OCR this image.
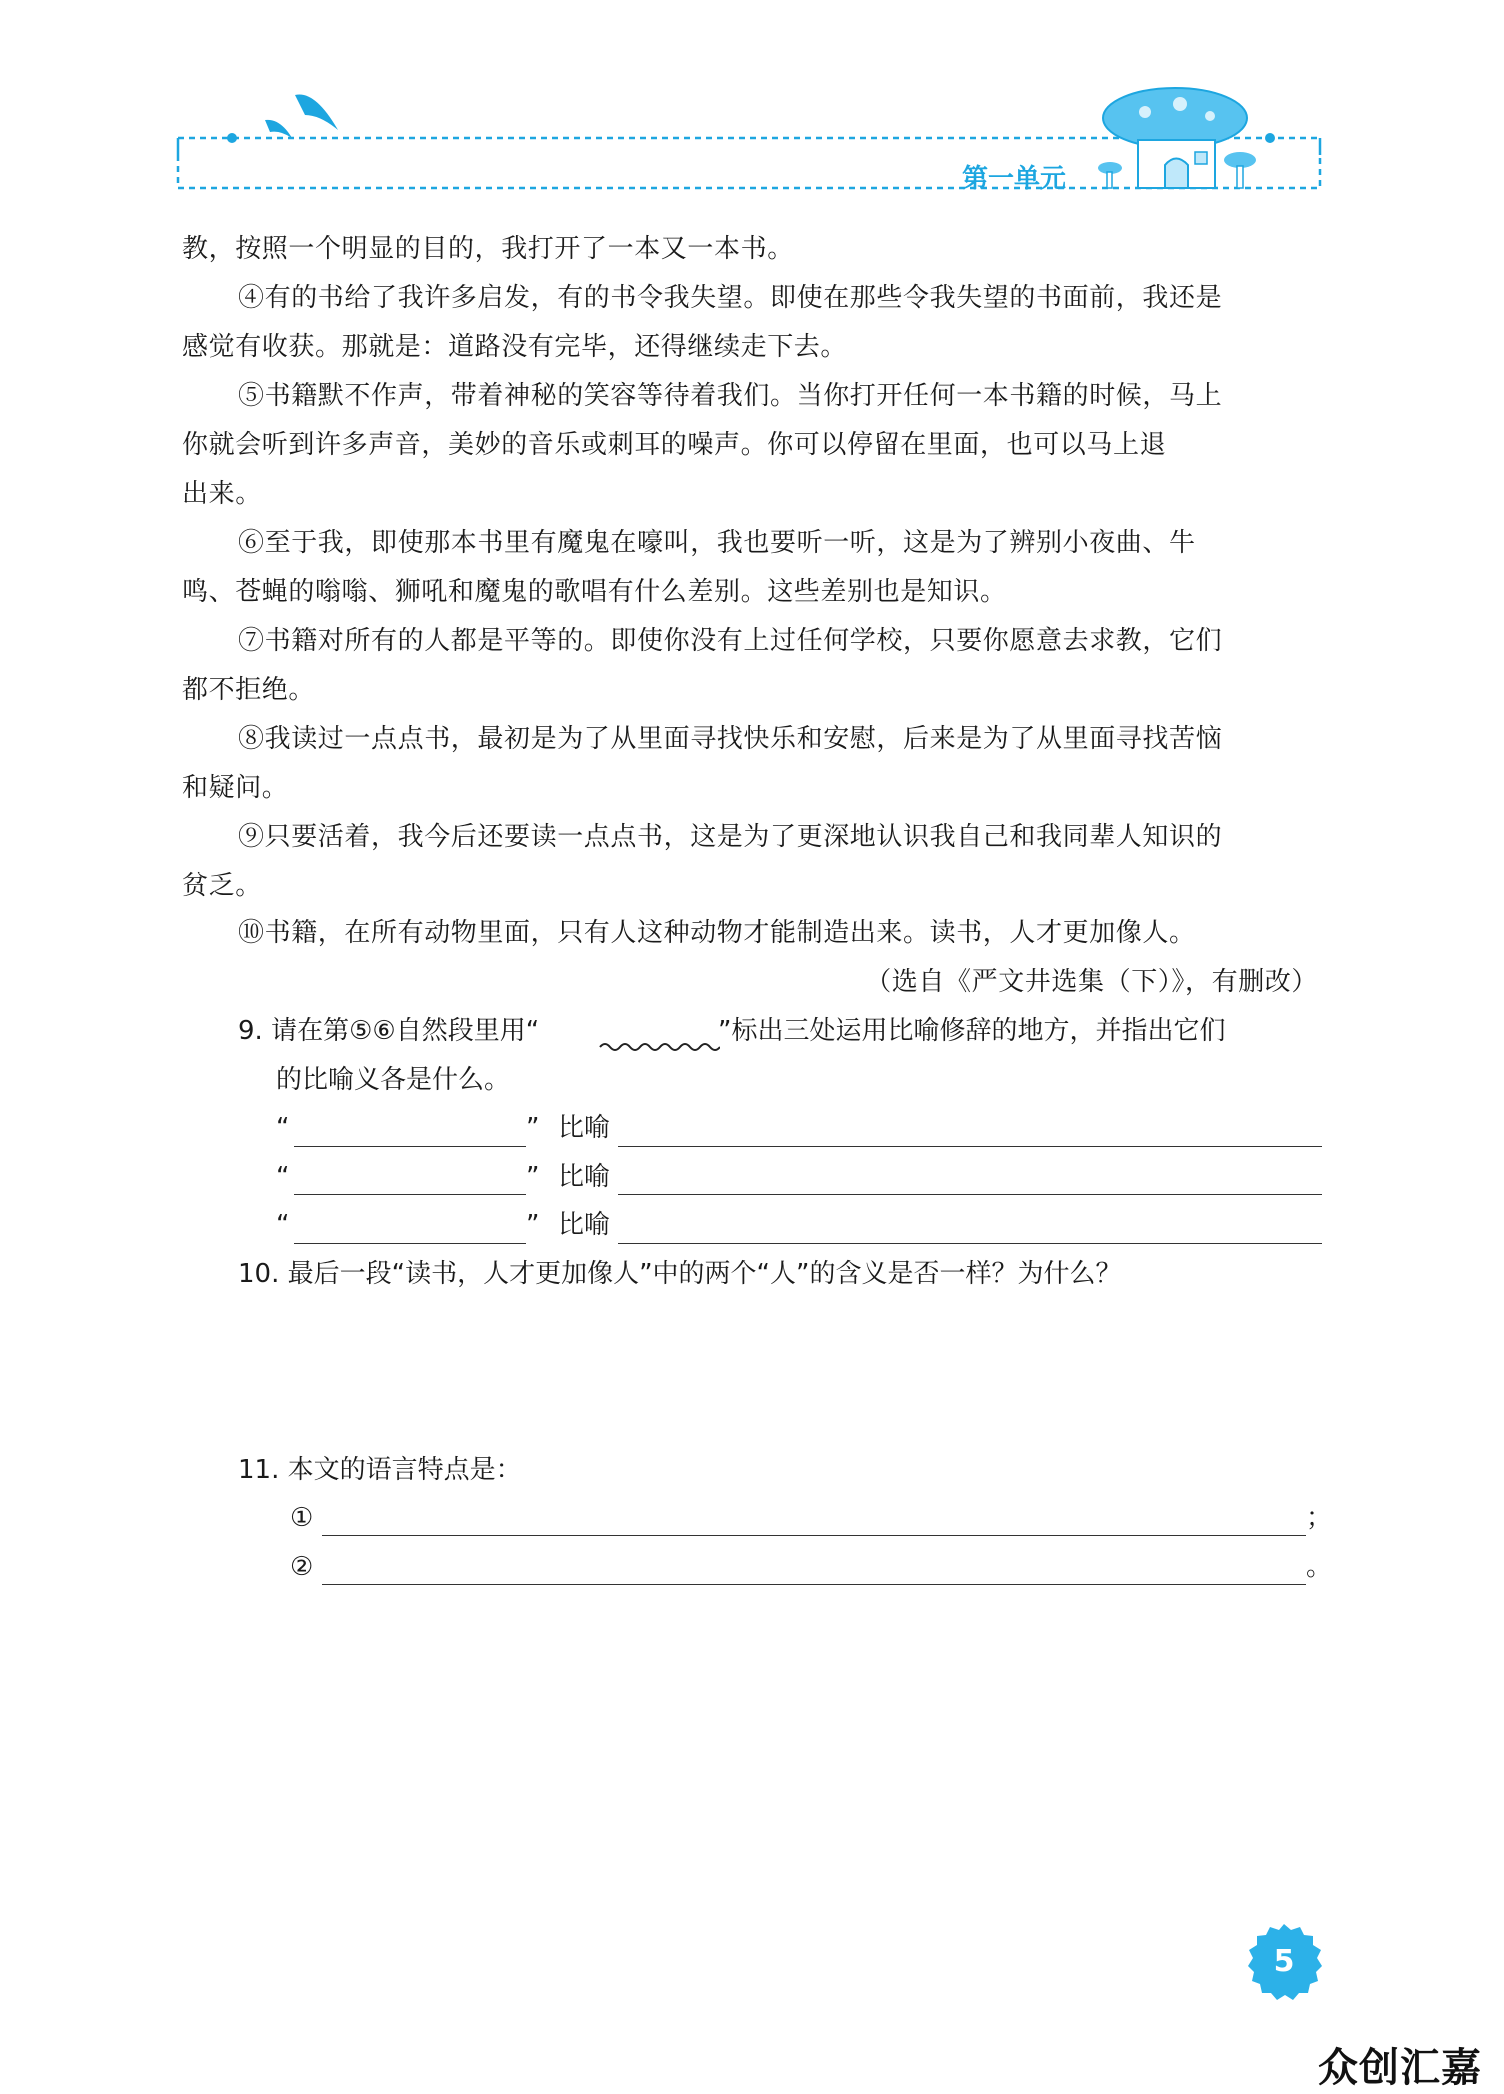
第一单元
教，按照一个明显的目的，我打开了一本又一本书。
④有的书给了我许多启发，有的书令我失望。即使在那些令我失望的书面前，我还是
感觉有收获。那就是：道路没有完毕，还得继续走下去。
⑤书籍默不作声，带着神秘的笑容等待着我们。当你打开任何一本书籍的时候，马上
你就会听到许多声音，美妙的音乐或刺耳的噪声。你可以停留在里面，也可以马上退
出来。
⑥至于我，即使那本书里有魔鬼在嚎叫，我也要听一听，这是为了辨别小夜曲、牛
鸣、苍蝇的嗡嗡、狮吼和魔鬼的歌唱有什么差别。这些差别也是知识。
⑦书籍对所有的人都是平等的。即使你没有上过任何学校，只要你愿意去求教，它们
都不拒绝。
⑧我读过一点点书，最初是为了从里面寻找快乐和安慰，后来是为了从里面寻找苦恼
和疑问。
⑨只要活着，我今后还要读一点点书，这是为了更深地认识我自己和我同辈人知识的
贫乏。
⑩书籍，在所有动物里面，只有人这种动物才能制造出来。读书，人才更加像人。
（选自《严文井选集（下）》，有删改）
9. 请在第⑤⑥自然段里用“	”标出三处运用比喻修辞的地方，并指出它们
的比喻义各是什么。
“	” 比喻
“	” 比喻
“	” 比喻
10. 最后一段“读书，人才更加像人”中的两个“人”的含义是否一样？为什么？
11. 本文的语言特点是：
①	；
②	。
5
众创汇嘉
